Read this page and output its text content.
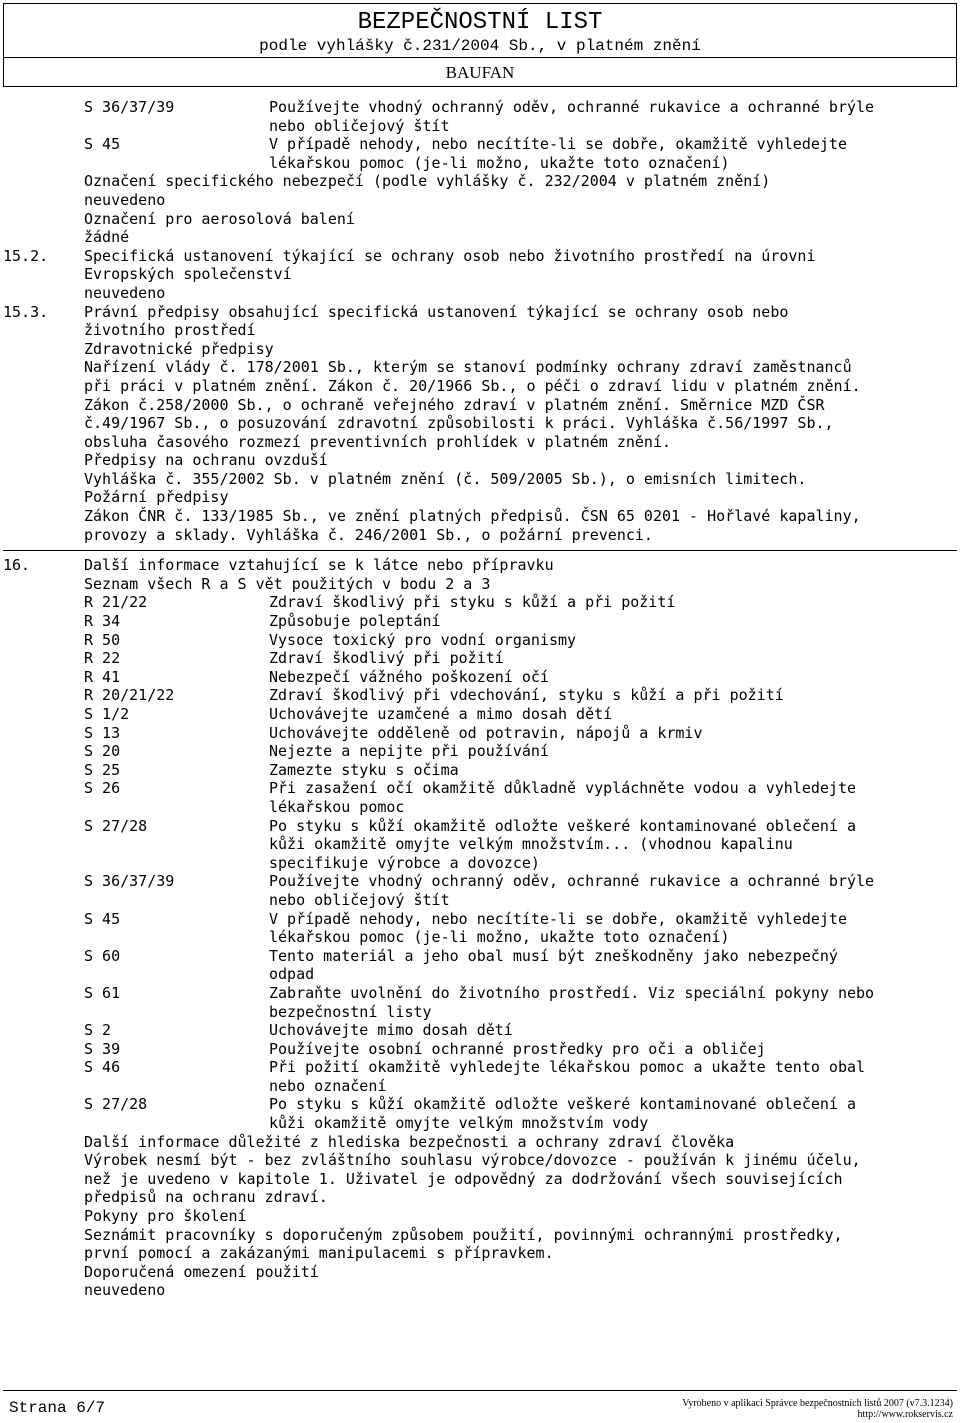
BEZPEČNOSTNÍ LIST
podle vyhlášky č.231/2004 Sb., v platném znění
BAUFAN
S 36/37/39	Používejte vhodný ochranný oděv, ochranné rukavice a ochranné brýle
nebo obličejový štít
S 45	V případě nehody, nebo necítíte-li se dobře, okamžitě vyhledejte
lékařskou pomoc (je-li možno, ukažte toto označení)
Označení specifického nebezpečí (podle vyhlášky č. 232/2004 v platném znění)
neuvedeno
Označení pro aerosolová balení
žádné
15.2. Specifická ustanovení týkající se ochrany osob nebo životního prostředí na úrovni
Evropských společenství
neuvedeno
15.3. Právní předpisy obsahující specifická ustanovení týkající se ochrany osob nebo
životního prostředí
Zdravotnické předpisy
Nařízení vlády č. 178/2001 Sb., kterým se stanoví podmínky ochrany zdraví zaměstnanců
při práci v platném znění. Zákon č. 20/1966 Sb., o péči o zdraví lidu v platném znění.
Zákon č.258/2000 Sb., o ochraně veřejného zdraví v platném znění. Směrnice MZD ČSR
č.49/1967 Sb., o posuzování zdravotní způsobilosti k práci. Vyhláška č.56/1997 Sb.,
obsluha časového rozmezí preventivních prohlídek v platném znění.
Předpisy na ochranu ovzduší
Vyhláška č. 355/2002 Sb. v platném znění (č. 509/2005 Sb.), o emisních limitech.
Požární předpisy
Zákon ČNR č. 133/1985 Sb., ve znění platných předpisů. ČSN 65 0201 - Hořlavé kapaliny,
provozy a sklady. Vyhláška č. 246/2001 Sb., o požární prevenci.
16.	Další informace vztahující se k látce nebo přípravku
Seznam všech R a S vět použitých v bodu 2 a 3
R 21/22	Zdraví škodlivý při styku s kůží a při požití
R 34	Způsobuje poleptání
R 50	Vysoce toxický pro vodní organismy
R 22	Zdraví škodlivý při požití
R 41	Nebezpečí vážného poškození očí
R 20/21/22	Zdraví škodlivý při vdechování, styku s kůží a při požití
S 1/2	Uchovávejte uzamčené a mimo dosah dětí
S 13	Uchovávejte odděleně od potravin, nápojů a krmiv
S 20	Nejezte a nepijte při používání
S 25	Zamezte styku s očima
S 26	Při zasažení očí okamžitě důkladně vypláchněte vodou a vyhledejte
lékařskou pomoc
S 27/28	Po styku s kůží okamžitě odložte veškeré kontaminované oblečení a
kůži okamžitě omyjte velkým množstvím... (vhodnou kapalinu
specifikuje výrobce a dovozce)
S 36/37/39	Používejte vhodný ochranný oděv, ochranné rukavice a ochranné brýle
nebo obličejový štít
S 45	V případě nehody, nebo necítíte-li se dobře, okamžitě vyhledejte
lékařskou pomoc (je-li možno, ukažte toto označení)
S 60	Tento materiál a jeho obal musí být zneškodněny jako nebezpečný
odpad
S 61	Zabraňte uvolnění do životního prostředí. Viz speciální pokyny nebo
bezpečnostní listy
S 2	Uchovávejte mimo dosah dětí
S 39	Používejte osobní ochranné prostředky pro oči a obličej
S 46	Při požití okamžitě vyhledejte lékařskou pomoc a ukažte tento obal
nebo označení
S 27/28	Po styku s kůží okamžitě odložte veškeré kontaminované oblečení a
kůži okamžitě omyjte velkým množstvím vody
Další informace důležité z hlediska bezpečnosti a ochrany zdraví člověka
Výrobek nesmí být - bez zvláštního souhlasu výrobce/dovozce - používán k jinému účelu,
než je uvedeno v kapitole 1. Uživatel je odpovědný za dodržování všech souvisejících
předpisů na ochranu zdraví.
Pokyny pro školení
Seznámit pracovníky s doporučeným způsobem použití, povinnými ochrannými prostředky,
první pomocí a zakázanými manipulacemi s přípravkem.
Doporučená omezení použití
neuvedeno
Strana 6/7	Vyrobeno v aplikaci Správce bezpečnostních listů 2007 (v7.3.1234)
http://www.rokservis.cz
